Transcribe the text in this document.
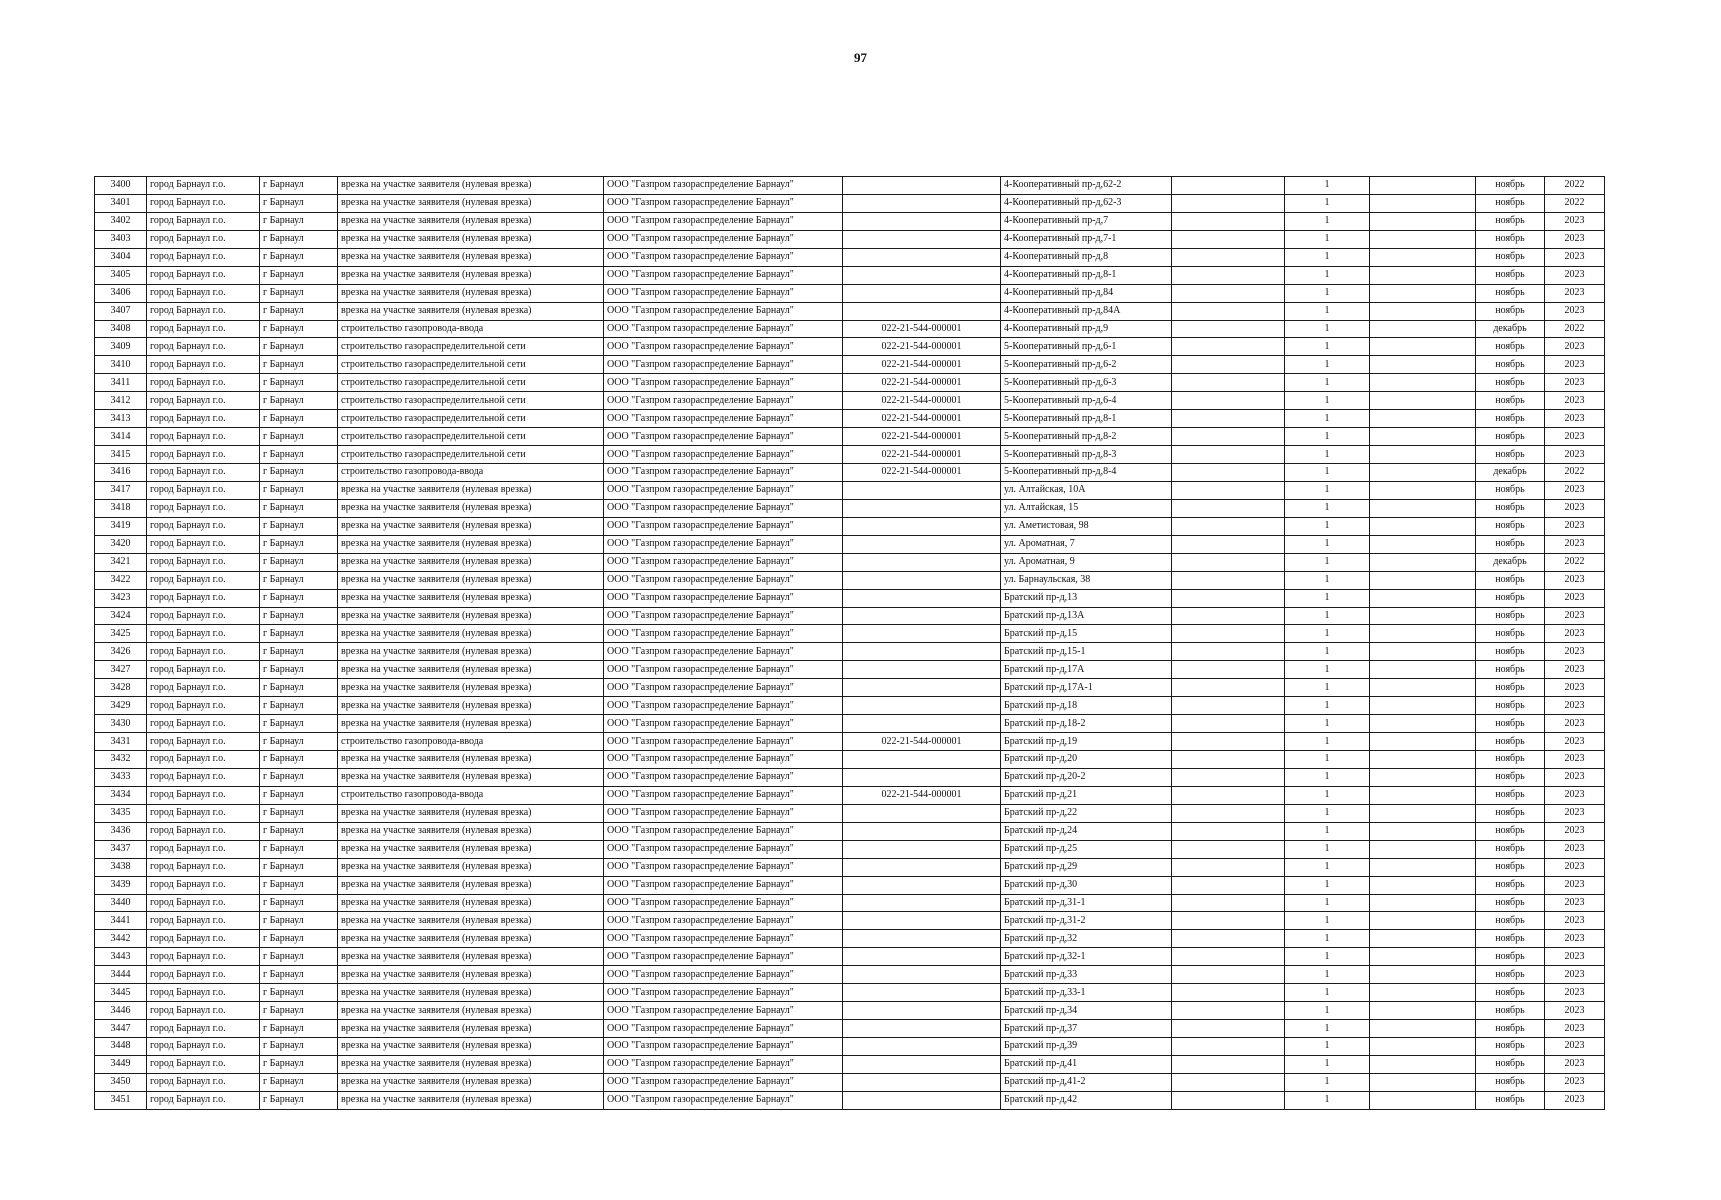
97
3400	город Барнаул г.о.	г Барнаул	врезка на участке заявителя (нулевая врезка)	ООО "Газпром газораспределение Барнаул"		4-Кооперативный пр-д,62-2		1		ноябрь	2022
3401	город Барнаул г.о.	г Барнаул	врезка на участке заявителя (нулевая врезка)	ООО "Газпром газораспределение Барнаул"		4-Кооперативный пр-д,62-3		1		ноябрь	2022
3402	город Барнаул г.о.	г Барнаул	врезка на участке заявителя (нулевая врезка)	ООО "Газпром газораспределение Барнаул"		4-Кооперативный пр-д,7		1		ноябрь	2023
3403	город Барнаул г.о.	г Барнаул	врезка на участке заявителя (нулевая врезка)	ООО "Газпром газораспределение Барнаул"		4-Кооперативный пр-д,7-1		1		ноябрь	2023
3404	город Барнаул г.о.	г Барнаул	врезка на участке заявителя (нулевая врезка)	ООО "Газпром газораспределение Барнаул"		4-Кооперативный пр-д,8		1		ноябрь	2023
3405	город Барнаул г.о.	г Барнаул	врезка на участке заявителя (нулевая врезка)	ООО "Газпром газораспределение Барнаул"		4-Кооперативный пр-д,8-1		1		ноябрь	2023
3406	город Барнаул г.о.	г Барнаул	врезка на участке заявителя (нулевая врезка)	ООО "Газпром газораспределение Барнаул"		4-Кооперативный пр-д,84		1		ноябрь	2023
3407	город Барнаул г.о.	г Барнаул	врезка на участке заявителя (нулевая врезка)	ООО "Газпром газораспределение Барнаул"		4-Кооперативный пр-д,84А		1		ноябрь	2023
3408	город Барнаул г.о.	г Барнаул	строительство газопровода-ввода	ООО "Газпром газораспределение Барнаул"	022-21-544-000001	4-Кооперативный пр-д,9		1		декабрь	2022
3409	город Барнаул г.о.	г Барнаул	строительство газораспределительной сети	ООО "Газпром газораспределение Барнаул"	022-21-544-000001	5-Кооперативный пр-д,6-1		1		ноябрь	2023
3410	город Барнаул г.о.	г Барнаул	строительство газораспределительной сети	ООО "Газпром газораспределение Барнаул"	022-21-544-000001	5-Кооперативный пр-д,6-2		1		ноябрь	2023
3411	город Барнаул г.о.	г Барнаул	строительство газораспределительной сети	ООО "Газпром газораспределение Барнаул"	022-21-544-000001	5-Кооперативный пр-д,6-3		1		ноябрь	2023
3412	город Барнаул г.о.	г Барнаул	строительство газораспределительной сети	ООО "Газпром газораспределение Барнаул"	022-21-544-000001	5-Кооперативный пр-д,6-4		1		ноябрь	2023
3413	город Барнаул г.о.	г Барнаул	строительство газораспределительной сети	ООО "Газпром газораспределение Барнаул"	022-21-544-000001	5-Кооперативный пр-д,8-1		1		ноябрь	2023
3414	город Барнаул г.о.	г Барнаул	строительство газораспределительной сети	ООО "Газпром газораспределение Барнаул"	022-21-544-000001	5-Кооперативный пр-д,8-2		1		ноябрь	2023
3415	город Барнаул г.о.	г Барнаул	строительство газораспределительной сети	ООО "Газпром газораспределение Барнаул"	022-21-544-000001	5-Кооперативный пр-д,8-3		1		ноябрь	2023
3416	город Барнаул г.о.	г Барнаул	строительство газопровода-ввода	ООО "Газпром газораспределение Барнаул"	022-21-544-000001	5-Кооперативный пр-д,8-4		1		декабрь	2022
3417	город Барнаул г.о.	г Барнаул	врезка на участке заявителя (нулевая врезка)	ООО "Газпром газораспределение Барнаул"		ул. Алтайская, 10А		1		ноябрь	2023
3418	город Барнаул г.о.	г Барнаул	врезка на участке заявителя (нулевая врезка)	ООО "Газпром газораспределение Барнаул"		ул. Алтайская, 15		1		ноябрь	2023
3419	город Барнаул г.о.	г Барнаул	врезка на участке заявителя (нулевая врезка)	ООО "Газпром газораспределение Барнаул"		ул. Аметистовая, 98		1		ноябрь	2023
3420	город Барнаул г.о.	г Барнаул	врезка на участке заявителя (нулевая врезка)	ООО "Газпром газораспределение Барнаул"		ул. Ароматная, 7		1		ноябрь	2023
3421	город Барнаул г.о.	г Барнаул	врезка на участке заявителя (нулевая врезка)	ООО "Газпром газораспределение Барнаул"		ул. Ароматная, 9		1		декабрь	2022
3422	город Барнаул г.о.	г Барнаул	врезка на участке заявителя (нулевая врезка)	ООО "Газпром газораспределение Барнаул"		ул. Барнаульская, 38		1		ноябрь	2023
3423	город Барнаул г.о.	г Барнаул	врезка на участке заявителя (нулевая врезка)	ООО "Газпром газораспределение Барнаул"		Братский пр-д,13		1		ноябрь	2023
3424	город Барнаул г.о.	г Барнаул	врезка на участке заявителя (нулевая врезка)	ООО "Газпром газораспределение Барнаул"		Братский пр-д,13А		1		ноябрь	2023
3425	город Барнаул г.о.	г Барнаул	врезка на участке заявителя (нулевая врезка)	ООО "Газпром газораспределение Барнаул"		Братский пр-д,15		1		ноябрь	2023
3426	город Барнаул г.о.	г Барнаул	врезка на участке заявителя (нулевая врезка)	ООО "Газпром газораспределение Барнаул"		Братский пр-д,15-1		1		ноябрь	2023
3427	город Барнаул г.о.	г Барнаул	врезка на участке заявителя (нулевая врезка)	ООО "Газпром газораспределение Барнаул"		Братский пр-д,17А		1		ноябрь	2023
3428	город Барнаул г.о.	г Барнаул	врезка на участке заявителя (нулевая врезка)	ООО "Газпром газораспределение Барнаул"		Братский пр-д,17А-1		1		ноябрь	2023
3429	город Барнаул г.о.	г Барнаул	врезка на участке заявителя (нулевая врезка)	ООО "Газпром газораспределение Барнаул"		Братский пр-д,18		1		ноябрь	2023
3430	город Барнаул г.о.	г Барнаул	врезка на участке заявителя (нулевая врезка)	ООО "Газпром газораспределение Барнаул"		Братский пр-д,18-2		1		ноябрь	2023
3431	город Барнаул г.о.	г Барнаул	строительство газопровода-ввода	ООО "Газпром газораспределение Барнаул"	022-21-544-000001	Братский пр-д,19		1		ноябрь	2023
3432	город Барнаул г.о.	г Барнаул	врезка на участке заявителя (нулевая врезка)	ООО "Газпром газораспределение Барнаул"		Братский пр-д,20		1		ноябрь	2023
3433	город Барнаул г.о.	г Барнаул	врезка на участке заявителя (нулевая врезка)	ООО "Газпром газораспределение Барнаул"		Братский пр-д,20-2		1		ноябрь	2023
3434	город Барнаул г.о.	г Барнаул	строительство газопровода-ввода	ООО "Газпром газораспределение Барнаул"	022-21-544-000001	Братский пр-д,21		1		ноябрь	2023
3435	город Барнаул г.о.	г Барнаул	врезка на участке заявителя (нулевая врезка)	ООО "Газпром газораспределение Барнаул"		Братский пр-д,22		1		ноябрь	2023
3436	город Барнаул г.о.	г Барнаул	врезка на участке заявителя (нулевая врезка)	ООО "Газпром газораспределение Барнаул"		Братский пр-д,24		1		ноябрь	2023
3437	город Барнаул г.о.	г Барнаул	врезка на участке заявителя (нулевая врезка)	ООО "Газпром газораспределение Барнаул"		Братский пр-д,25		1		ноябрь	2023
3438	город Барнаул г.о.	г Барнаул	врезка на участке заявителя (нулевая врезка)	ООО "Газпром газораспределение Барнаул"		Братский пр-д,29		1		ноябрь	2023
3439	город Барнаул г.о.	г Барнаул	врезка на участке заявителя (нулевая врезка)	ООО "Газпром газораспределение Барнаул"		Братский пр-д,30		1		ноябрь	2023
3440	город Барнаул г.о.	г Барнаул	врезка на участке заявителя (нулевая врезка)	ООО "Газпром газораспределение Барнаул"		Братский пр-д,31-1		1		ноябрь	2023
3441	город Барнаул г.о.	г Барнаул	врезка на участке заявителя (нулевая врезка)	ООО "Газпром газораспределение Барнаул"		Братский пр-д,31-2		1		ноябрь	2023
3442	город Барнаул г.о.	г Барнаул	врезка на участке заявителя (нулевая врезка)	ООО "Газпром газораспределение Барнаул"		Братский пр-д,32		1		ноябрь	2023
3443	город Барнаул г.о.	г Барнаул	врезка на участке заявителя (нулевая врезка)	ООО "Газпром газораспределение Барнаул"		Братский пр-д,32-1		1		ноябрь	2023
3444	город Барнаул г.о.	г Барнаул	врезка на участке заявителя (нулевая врезка)	ООО "Газпром газораспределение Барнаул"		Братский пр-д,33		1		ноябрь	2023
3445	город Барнаул г.о.	г Барнаул	врезка на участке заявителя (нулевая врезка)	ООО "Газпром газораспределение Барнаул"		Братский пр-д,33-1		1		ноябрь	2023
3446	город Барнаул г.о.	г Барнаул	врезка на участке заявителя (нулевая врезка)	ООО "Газпром газораспределение Барнаул"		Братский пр-д,34		1		ноябрь	2023
3447	город Барнаул г.о.	г Барнаул	врезка на участке заявителя (нулевая врезка)	ООО "Газпром газораспределение Барнаул"		Братский пр-д,37		1		ноябрь	2023
3448	город Барнаул г.о.	г Барнаул	врезка на участке заявителя (нулевая врезка)	ООО "Газпром газораспределение Барнаул"		Братский пр-д,39		1		ноябрь	2023
3449	город Барнаул г.о.	г Барнаул	врезка на участке заявителя (нулевая врезка)	ООО "Газпром газораспределение Барнаул"		Братский пр-д,41		1		ноябрь	2023
3450	город Барнаул г.о.	г Барнаул	врезка на участке заявителя (нулевая врезка)	ООО "Газпром газораспределение Барнаул"		Братский пр-д,41-2		1		ноябрь	2023
3451	город Барнаул г.о.	г Барнаул	врезка на участке заявителя (нулевая врезка)	ООО "Газпром газораспределение Барнаул"		Братский пр-д,42		1		ноябрь	2023
